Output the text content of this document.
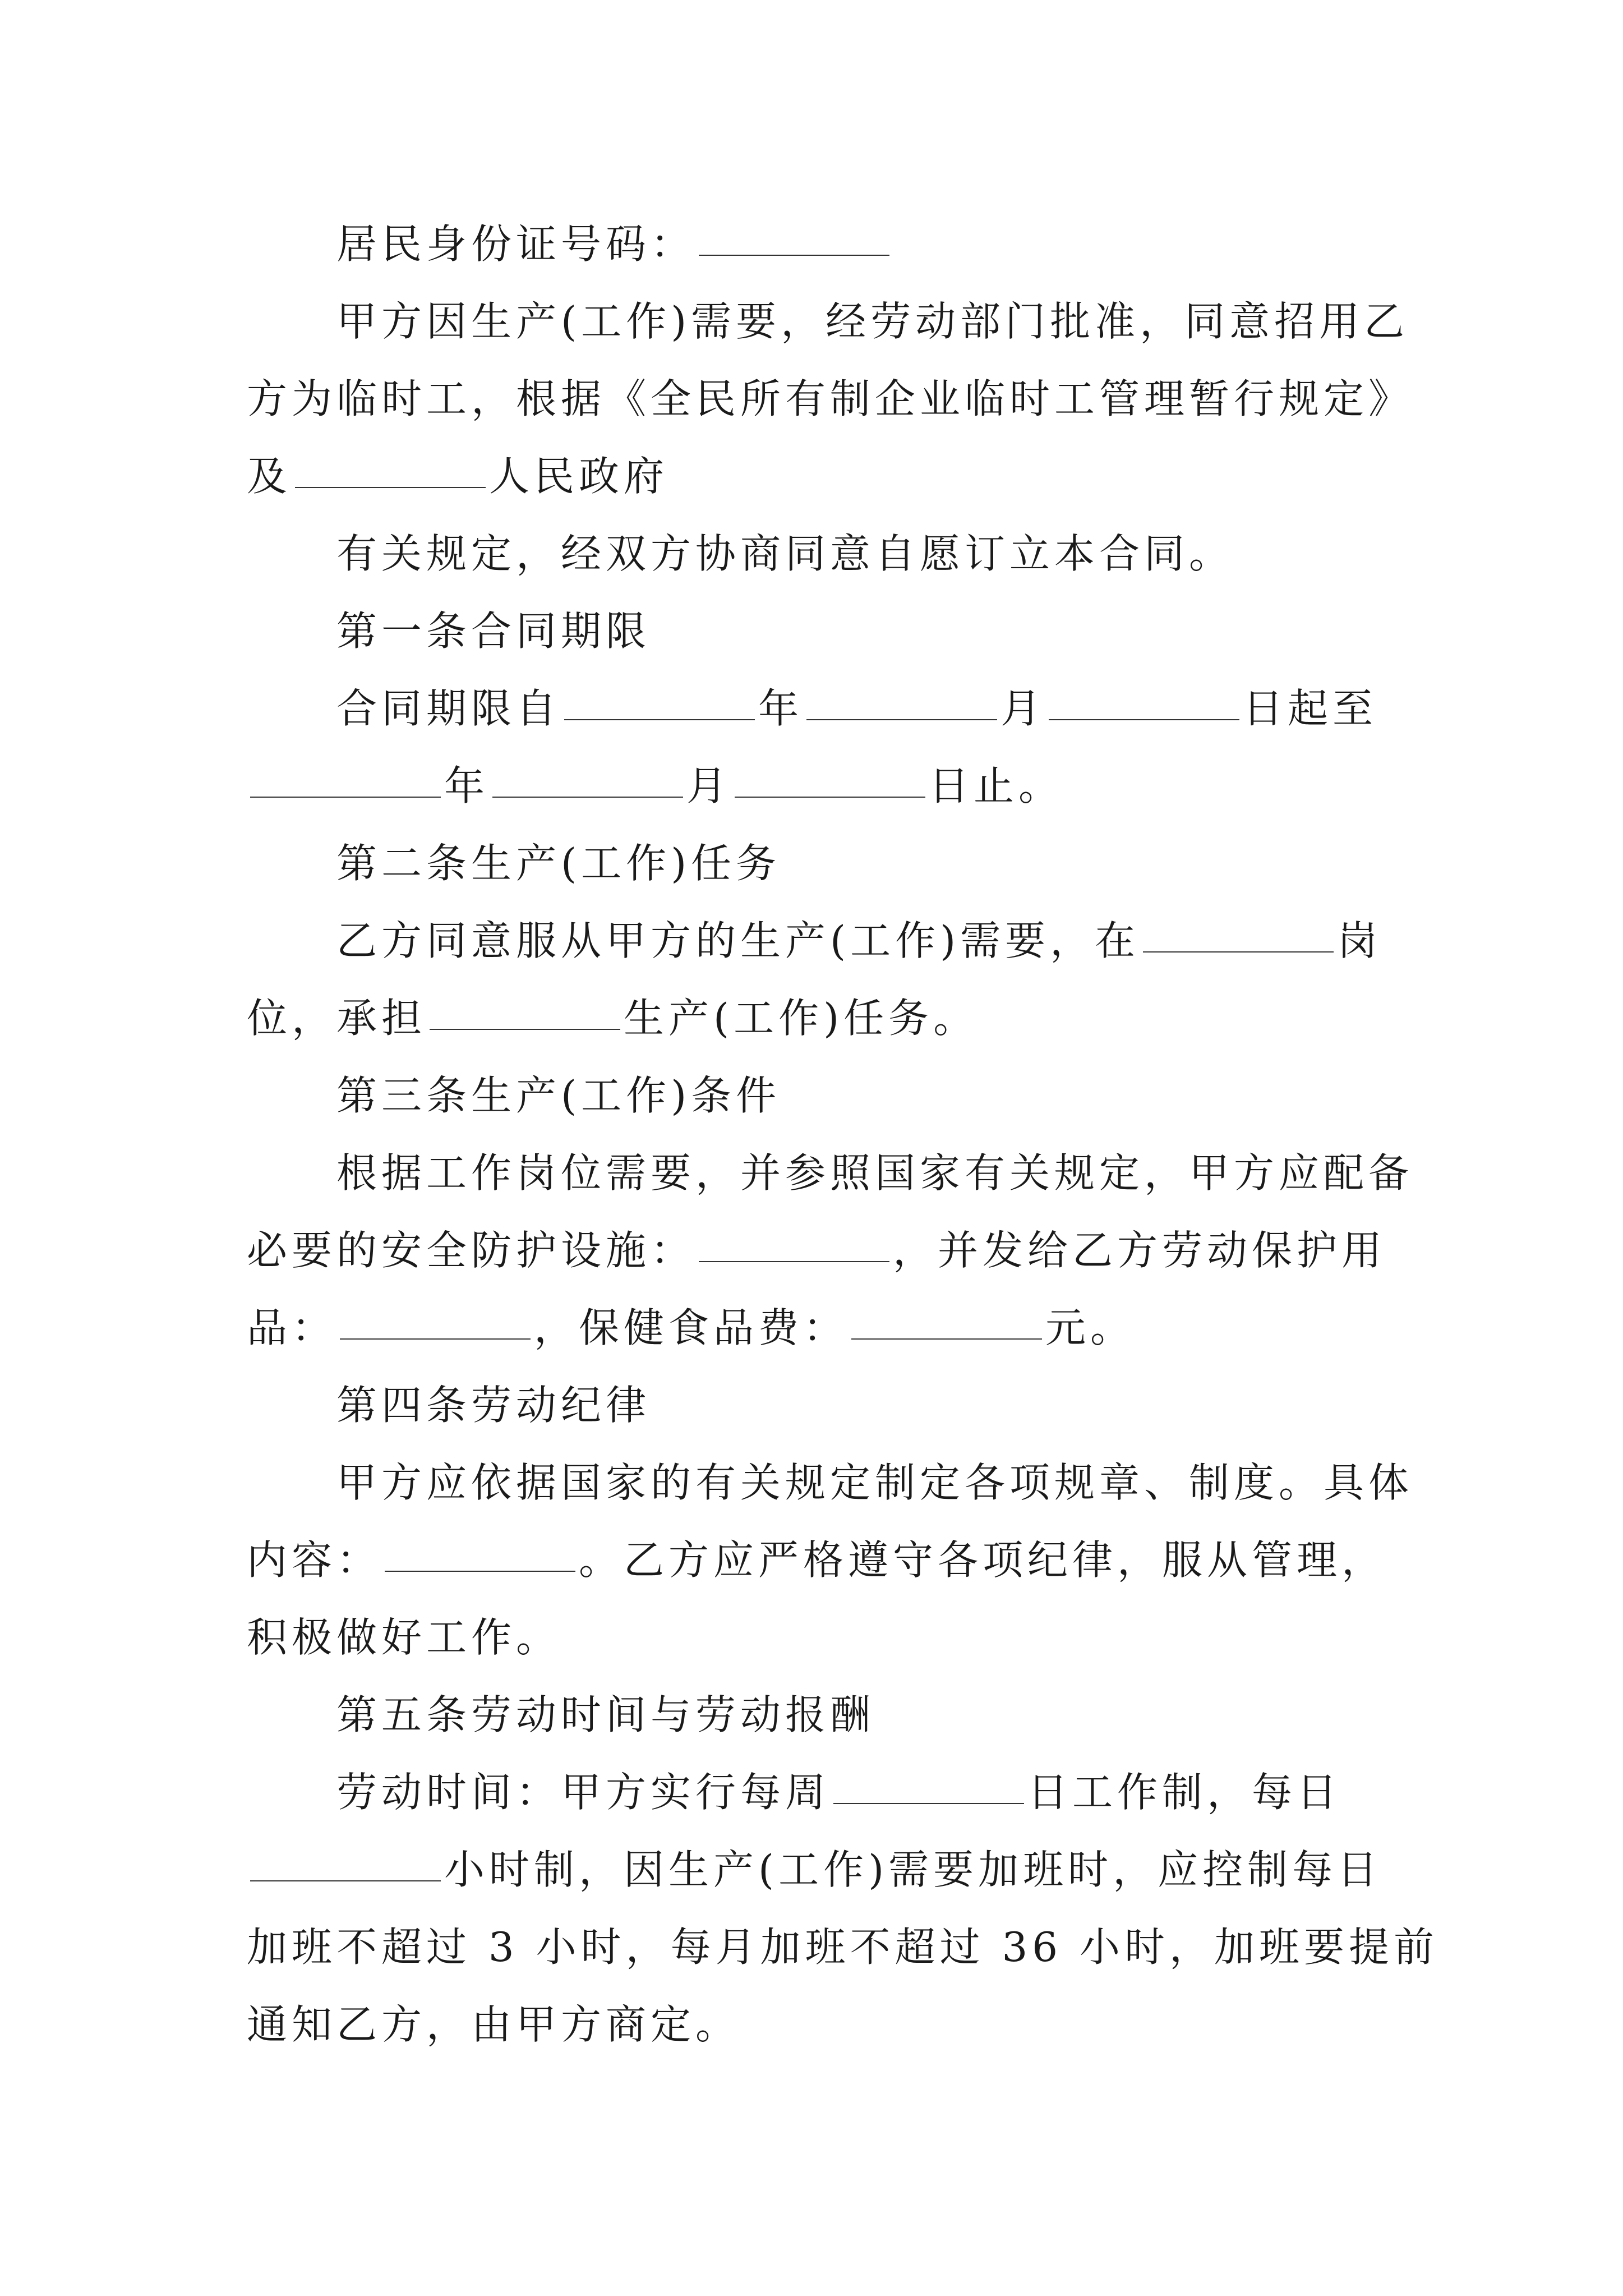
居民身份证号码：
甲方因生产(工作)需要，经劳动部门批准，同意招用乙
方为临时工，根据《全民所有制企业临时工管理暂行规定》
及	人民政府
有关规定，经双方协商同意自愿订立本合同。
第一条合同期限
合同期限自	年	月	日起至
年	月	日止。
第二条生产(工作)任务
乙方同意服从甲方的生产(工作)需要，在	岗
位，承担	生产(工作)任务。
第三条生产(工作)条件
根据工作岗位需要，并参照国家有关规定，甲方应配备
必要的安全防护设施：	，并发给乙方劳动保护用
品：	，保健食品费：	元。
第四条劳动纪律
甲方应依据国家的有关规定制定各项规章、制度。具体
内容：	。乙方应严格遵守各项纪律，服从管理，
积极做好工作。
第五条劳动时间与劳动报酬
劳动时间：甲方实行每周	日工作制，每日
小时制，因生产(工作)需要加班时，应控制每日
加班不超过 3 小时，每月加班不超过 36 小时，加班要提前
通知乙方，由甲方商定。
